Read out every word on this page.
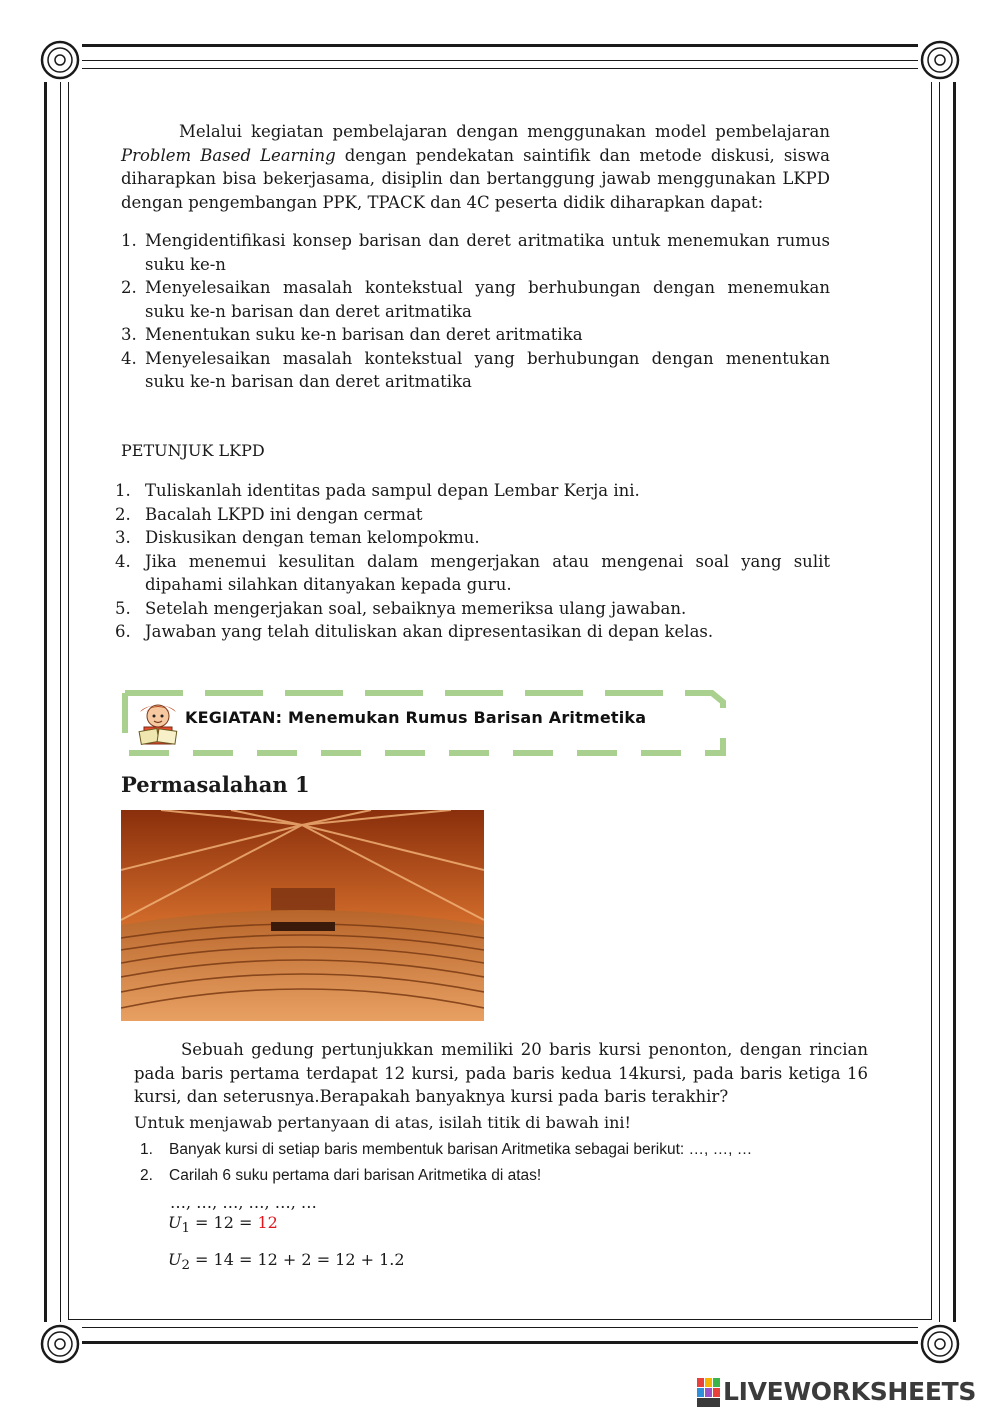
Melalui kegiatan pembelajaran dengan menggunakan model pembelajaran Problem Based Learning dengan pendekatan saintifik dan metode diskusi, siswa diharapkan bisa bekerjasama, disiplin dan bertanggung jawab menggunakan LKPD dengan pengembangan PPK, TPACK dan 4C peserta didik diharapkan dapat:
1. Mengidentifikasi konsep barisan dan deret aritmatika untuk menemukan rumus suku ke-n
2. Menyelesaikan masalah kontekstual yang berhubungan dengan menemukan suku ke-n barisan dan deret aritmatika
3. Menentukan suku ke-n barisan dan deret aritmatika
4. Menyelesaikan masalah kontekstual yang berhubungan dengan menentukan suku ke-n barisan dan deret aritmatika
PETUNJUK LKPD
1. Tuliskanlah identitas pada sampul depan Lembar Kerja ini.
2. Bacalah LKPD ini dengan cermat
3. Diskusikan dengan teman kelompokmu.
4. Jika menemui kesulitan dalam mengerjakan atau mengenai soal yang sulit dipahami silahkan ditanyakan kepada guru.
5. Setelah mengerjakan soal, sebaiknya memeriksa ulang jawaban.
6. Jawaban yang telah dituliskan akan dipresentasikan di depan kelas.
KEGIATAN: Menemukan Rumus Barisan Aritmetika
Permasalahan 1
Sebuah gedung pertunjukkan memiliki 20 baris kursi penonton, dengan rincian pada baris pertama terdapat 12 kursi, pada baris kedua 14kursi, pada baris ketiga 16 kursi, dan seterusnya.Berapakah banyaknya kursi pada baris terakhir?
Untuk menjawab pertanyaan di atas, isilah titik di bawah ini!
1. Banyak kursi di setiap baris membentuk barisan Aritmetika sebagai berikut: …, …, …
2. Carilah 6 suku pertama dari barisan Aritmetika di atas!
…, …, …, …, …, …
$U_1 = 12 = 12$
$U_2 = 14 = 12 + 2 = 12 + 1.2$
LIVEWORKSHEETS
